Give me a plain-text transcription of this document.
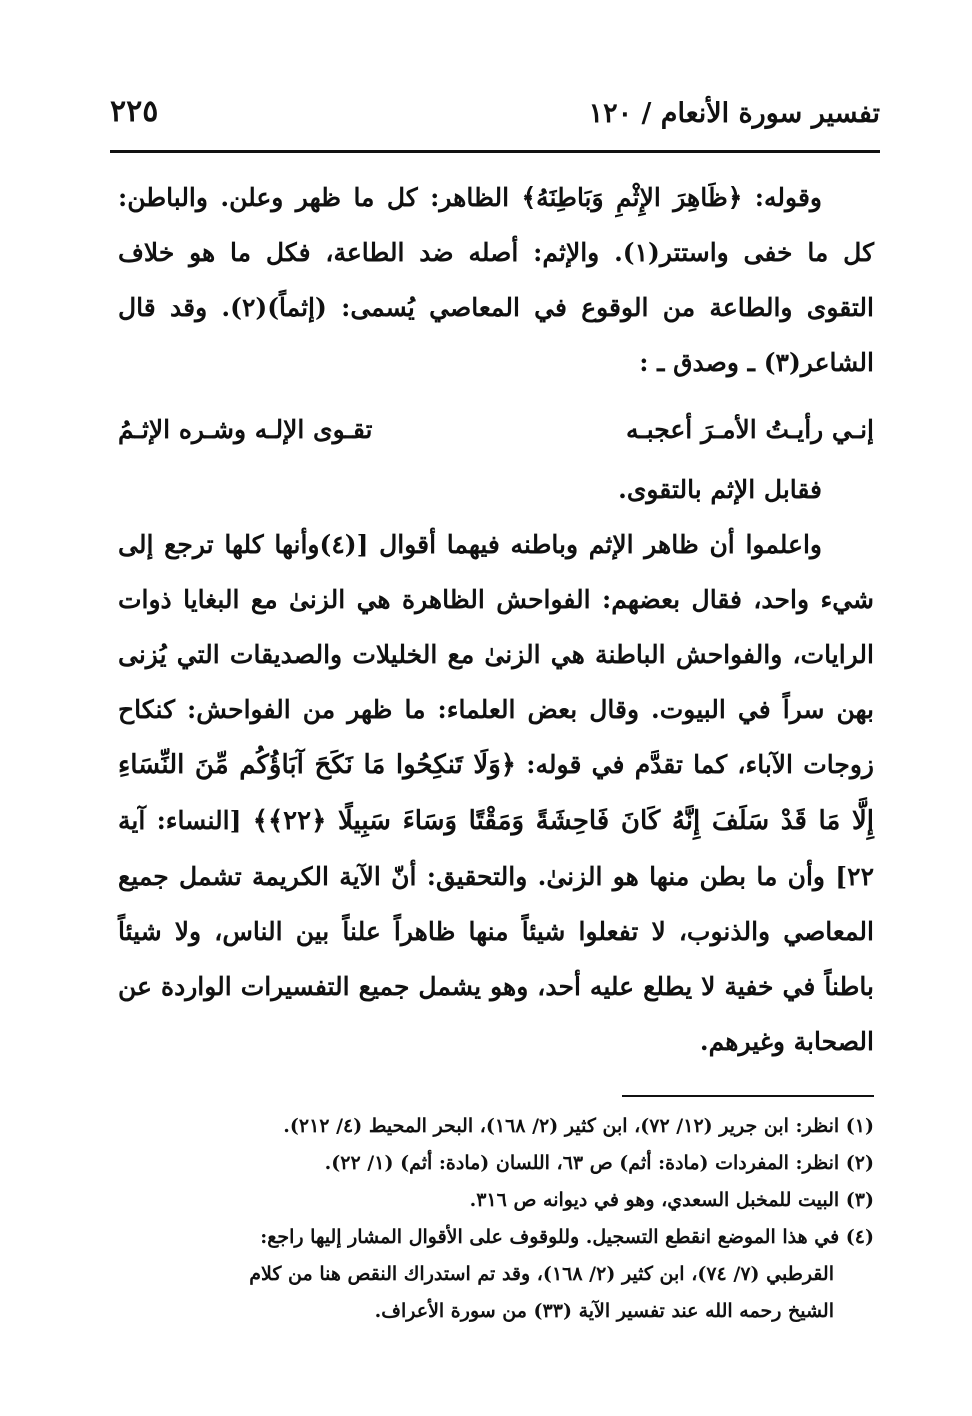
تفسير سورة الأنعام / ١٢٠
٢٢٥

وقوله: ﴿ظَاهِرَ الإِثْمِ وَبَاطِنَهُ﴾ الظاهر: كل ما ظهر وعلن. والباطن: كل ما خفى واستتر(١). والإثم: أصله ضد الطاعة، فكل ما هو خلاف التقوى والطاعة من الوقوع في المعاصي يُسمى: (إثماً)(٢). وقد قال الشاعر(٣) ـ وصدق ـ :

إنـي رأيـتُ الأمـرَ أعجبـه
تقـوى الإلـه وشـره الإثـمُ

فقابل الإثم بالتقوى.

واعلموا أن ظاهر الإثم وباطنه فيهما أقوال [(٤)وأنها كلها ترجع إلى شيء واحد، فقال بعضهم: الفواحش الظاهرة هي الزنىٰ مع البغايا ذوات الرايات، والفواحش الباطنة هي الزنىٰ مع الخليلات والصديقات التي يُزنى بهن سراً في البيوت. وقال بعض العلماء: ما ظهر من الفواحش: كنكاح زوجات الآباء، كما تقدَّم في قوله: ﴿وَلَا تَنكِحُوا مَا نَكَحَ آبَاؤُكُم مِّنَ النِّسَاءِ إِلَّا مَا قَدْ سَلَفَ إِنَّهُ كَانَ فَاحِشَةً وَمَقْتًا وَسَاءَ سَبِيلًا ﴿٢٢﴾﴾ [النساء: آية ٢٢] وأن ما بطن منها هو الزنىٰ. والتحقيق: أنّ الآية الكريمة تشمل جميع المعاصي والذنوب، لا تفعلوا شيئاً منها ظاهراً علناً بين الناس، ولا شيئاً باطناً في خفية لا يطلع عليه أحد، وهو يشمل جميع التفسيرات الواردة عن الصحابة وغيرهم.

(١) انظر: ابن جرير (١٢/ ٧٢)، ابن كثير (٢/ ١٦٨)، البحر المحيط (٤/ ٢١٢).

(٢) انظر: المفردات (مادة: أثم) ص ٦٣، اللسان (مادة: أثم) (١/ ٢٢).

(٣) البيت للمخبل السعدي، وهو في ديوانه ص ٣١٦.

(٤) في هذا الموضع انقطع التسجيل. وللوقوف على الأقوال المشار إليها راجع:

القرطبي (٧/ ٧٤)، ابن كثير (٢/ ١٦٨)، وقد تم استدراك النقص هنا من كلام

الشيخ رحمه الله عند تفسير الآية (٣٣) من سورة الأعراف.
